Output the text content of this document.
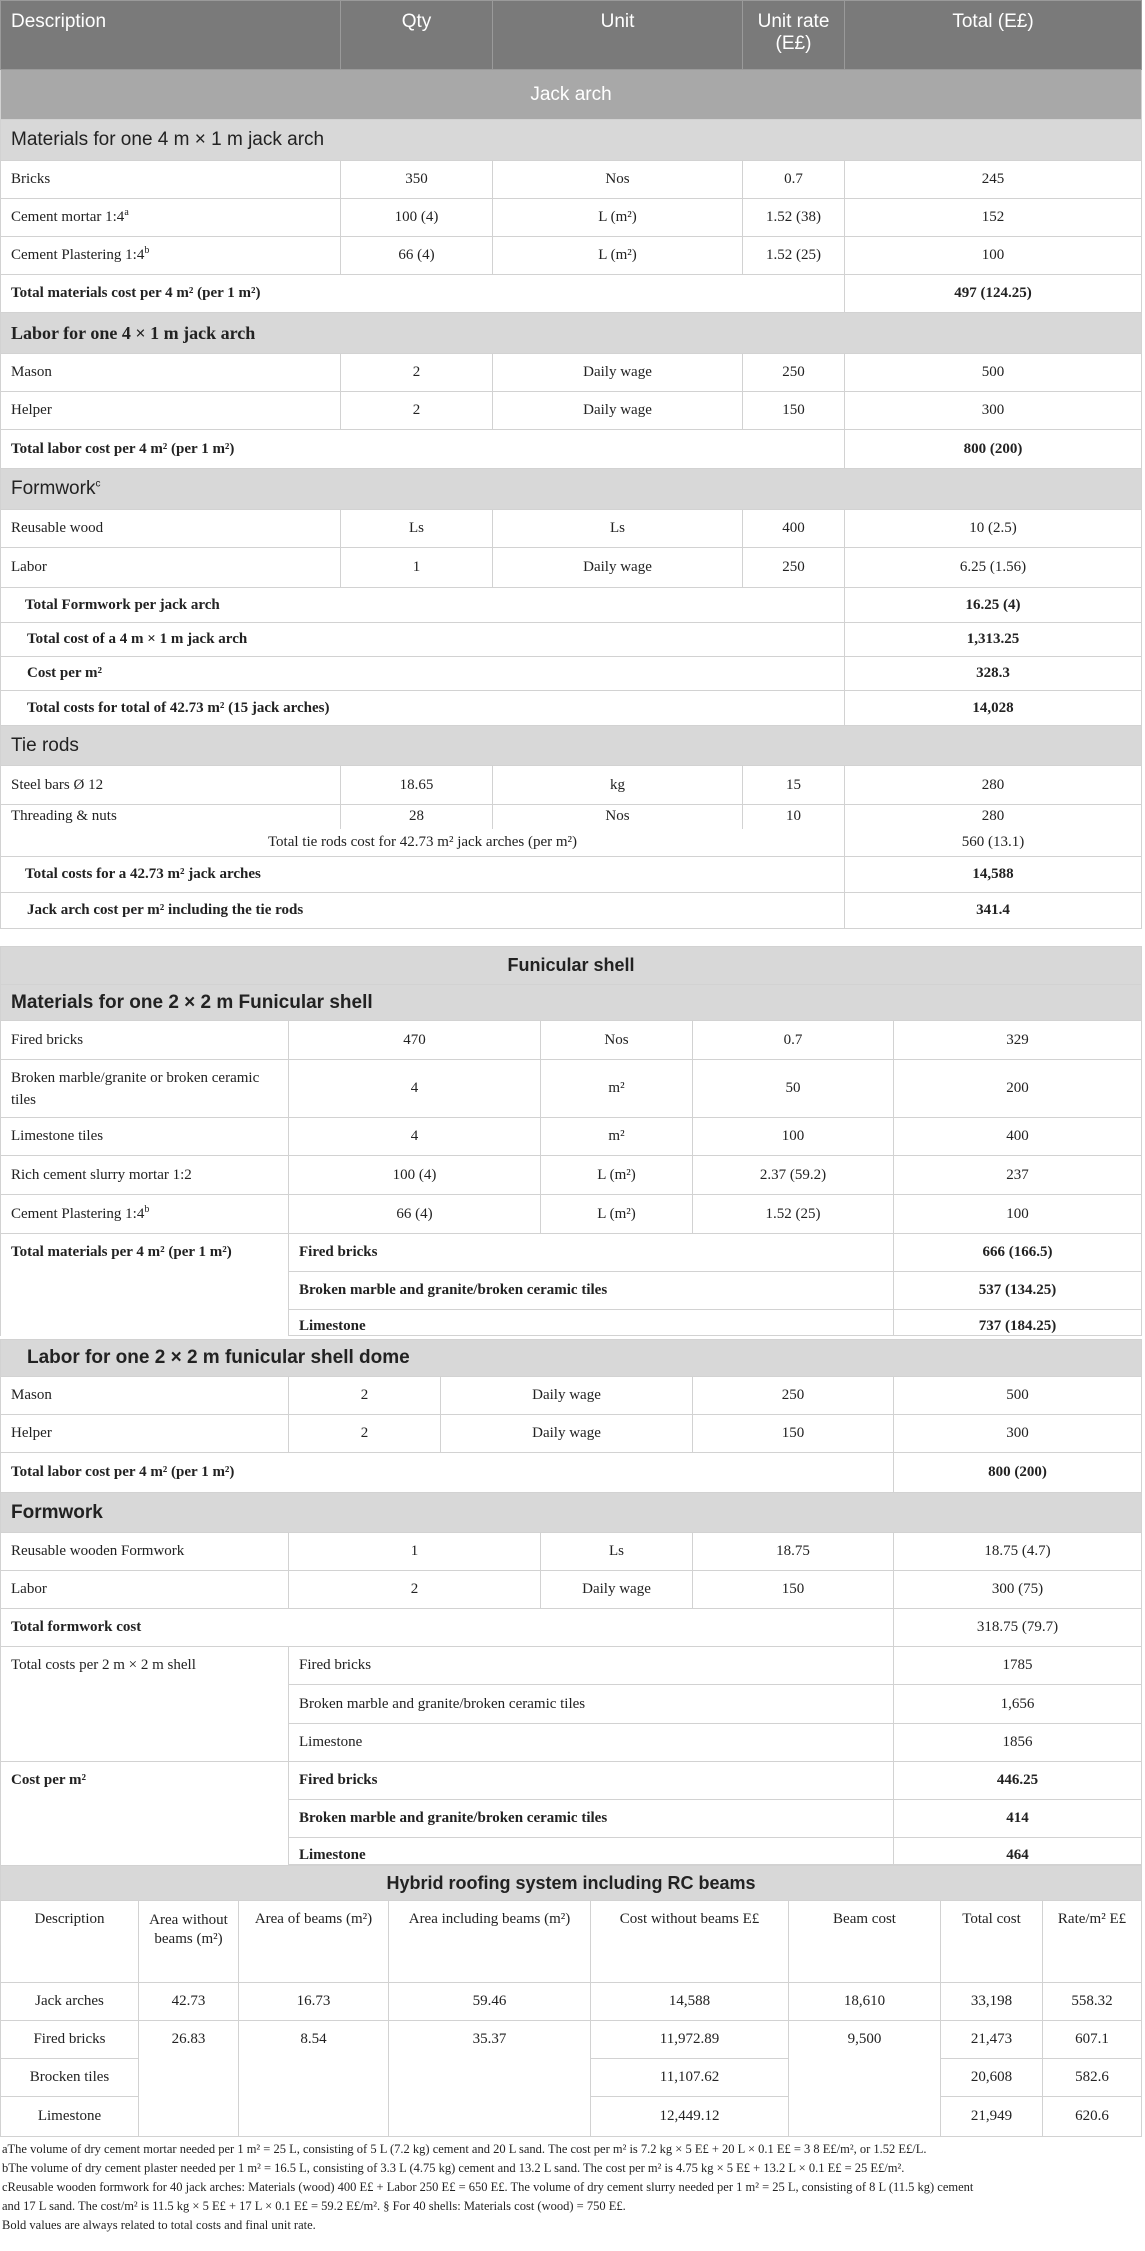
Description	Qty	Unit	Unit rate (E£)	Total (E£)
Jack arch				
Materials for one 4 m × 1 m jack arch				
Bricks	350	Nos	0.7	245
Cement mortar 1:4$^a$	100 (4)	L (m²)	1.52 (38)	152
Cement Plastering 1:4$^b$	66 (4)	L (m²)	1.52 (25)	100
Total materials cost per 4 m² (per 1 m²)				497 (124.25)
Labor for one 4 × 1 m jack arch				
Mason	2	Daily wage	250	500
Helper	2	Daily wage	150	300
Total labor cost per 4 m² (per 1 m²)				800 (200)
Formwork$^c$
Reusable wood	Ls	Ls	400	10 (2.5)
Labor	1	Daily wage	250	6.25 (1.56)
Total Formwork per jack arch				16.25 (4)
Total cost of a 4 m × 1 m jack arch				1,313.25
Cost per m²				328.3
Total costs for total of 42.73 m² (15 jack arches)				14,028
Tie rods				
Steel bars Ø 12	18.65	kg	15	280
Threading & nuts	28	Nos	10	280
Total tie rods cost for 42.73 m² jack arches (per m²)				560 (13.1)
Total costs for a 42.73 m² jack arches				14,588
Jack arch cost per m² including the tie rods				341.4
Funicular shell				
Materials for one 2 × 2 m Funicular shell				
Fired bricks	470	Nos	0.7	329
Broken marble/granite or broken ceramic tiles	4	m²	50	200
Limestone tiles	4	m²	100	400
Rich cement slurry mortar 1:2	100 (4)	L (m²)	2.37 (59.2)	237
Cement Plastering 1:4$^b$	66 (4)	L (m²)	1.52 (25)	100
Total materials per 4 m² (per 1 m²)	Fired bricks			666 (166.5)
	Broken marble and granite/broken ceramic tiles			537 (134.25)
	Limestone			737 (184.25)
Labor for one 2 × 2 m funicular shell dome				
Mason	2	Daily wage	250	500
Helper	2	Daily wage	150	300
Total labor cost per 4 m² (per 1 m²)				800 (200)
Formwork				
Reusable wooden Formwork	1	Ls	18.75	18.75 (4.7)
Labor	2	Daily wage	150	300 (75)
Total formwork cost				318.75 (79.7)
Total costs per 2 m × 2 m shell	Fired bricks			1785
	Broken marble and granite/broken ceramic tiles			1,656
	Limestone			1856
Cost per m²	Fired bricks			446.25
	Broken marble and granite/broken ceramic tiles			414
	Limestone			464
Hybrid roofing system including RC beams							
Description	Area without beams (m²)	Area of beams (m²)	Area including beams (m²)	Cost without beams E£	Beam cost	Total cost	Rate/m² E£
Jack arches	42.73	16.73	59.46	14,588	18,610	33,198	558.32
Fired bricks	26.83	8.54	35.37	11,972.89	9,500	21,473	607.1
Brocken tiles				11,107.62		20,608	582.6
Limestone				12,449.12		21,949	620.6
aThe volume of dry cement mortar needed per 1 m² = 25 L, consisting of 5 L (7.2 kg) cement and 20 L sand. The cost per m² is 7.2 kg × 5 E£ + 20 L × 0.1 E£ = 3 8 E£/m², or 1.52 E£/L.
bThe volume of dry cement plaster needed per 1 m² = 16.5 L, consisting of 3.3 L (4.75 kg) cement and 13.2 L sand. The cost per m² is 4.75 kg × 5 E£ + 13.2 L × 0.1 E£ = 25 E£/m².
cReusable wooden formwork for 40 jack arches: Materials (wood) 400 E£ + Labor 250 E£ = 650 E£. The volume of dry cement slurry needed per 1 m² = 25 L, consisting of 8 L (11.5 kg) cement
and 17 L sand. The cost/m² is 11.5 kg × 5 E£ + 17 L × 0.1 E£ = 59.2 E£/m². § For 40 shells: Materials cost (wood) = 750 E£.
Bold values are always related to total costs and final unit rate.
